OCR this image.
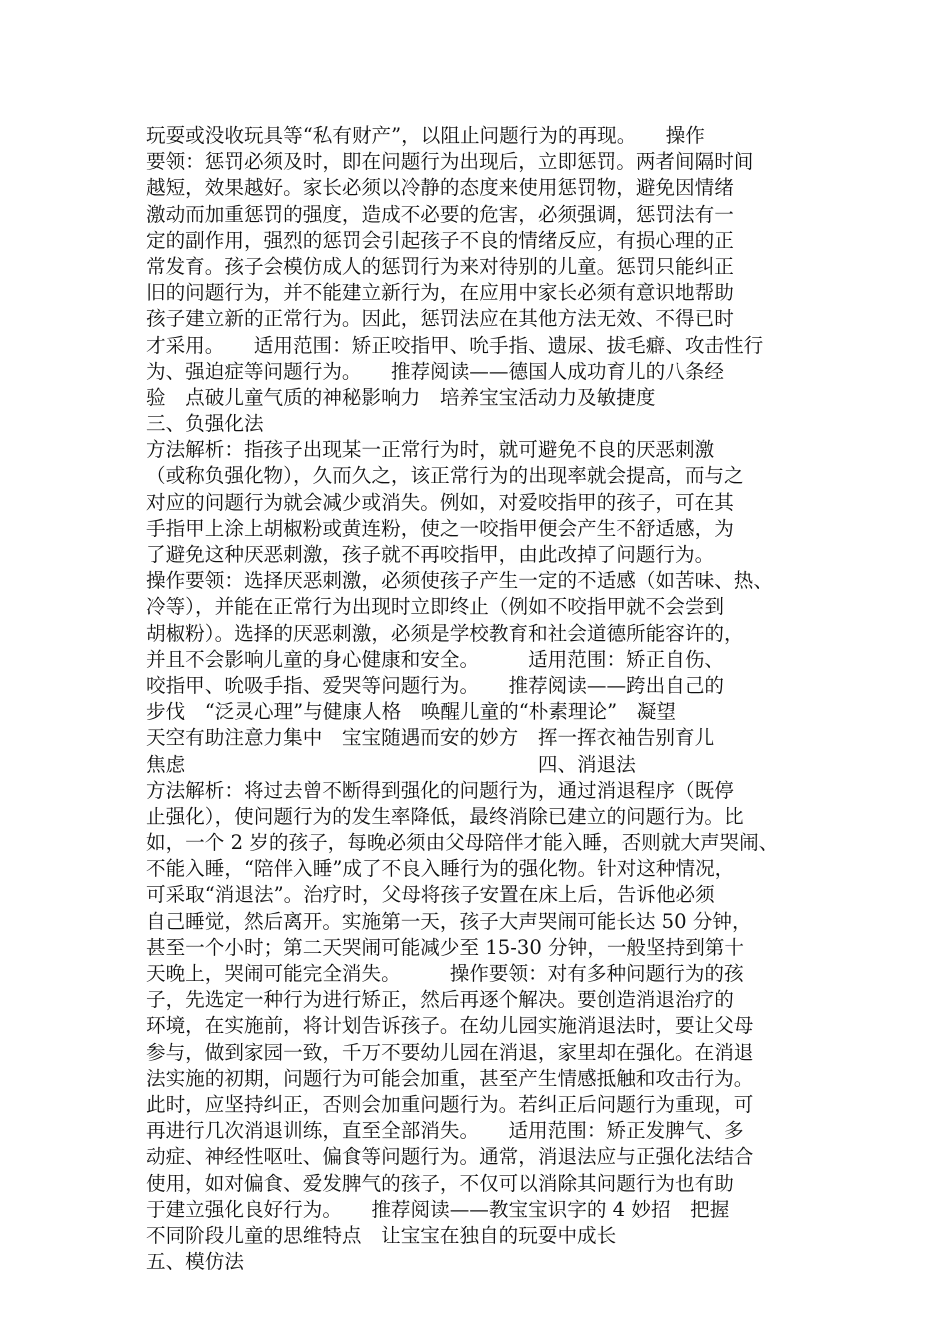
玩耍或没收玩具等“私有财产”，以阻止问题行为的再现。　　操作
要领：惩罚必须及时，即在问题行为出现后，立即惩罚。两者间隔时间
越短，效果越好。家长必须以冷静的态度来使用惩罚物，避免因情绪
激动而加重惩罚的强度，造成不必要的危害，必须强调，惩罚法有一
定的副作用，强烈的惩罚会引起孩子不良的情绪反应，有损心理的正
常发育。孩子会模仿成人的惩罚行为来对待别的儿童。惩罚只能纠正
旧的问题行为，并不能建立新行为，在应用中家长必须有意识地帮助
孩子建立新的正常行为。因此，惩罚法应在其他方法无效、不得已时
才采用。　　适用范围：矫正咬指甲、吮手指、遗尿、拔毛癖、攻击性行
为、强迫症等问题行为。　　推荐阅读——德国人成功育儿的八条经
验　点破儿童气质的神秘影响力　培养宝宝活动力及敏捷度
三、负强化法
方法解析：指孩子出现某一正常行为时，就可避免不良的厌恶刺激
（或称负强化物），久而久之，该正常行为的出现率就会提高，而与之
对应的问题行为就会减少或消失。例如，对爱咬指甲的孩子，可在其
手指甲上涂上胡椒粉或黄连粉，使之一咬指甲便会产生不舒适感，为
了避免这种厌恶刺激，孩子就不再咬指甲，由此改掉了问题行为。
操作要领：选择厌恶刺激，必须使孩子产生一定的不适感（如苦味、热、
冷等），并能在正常行为出现时立即终止（例如不咬指甲就不会尝到
胡椒粉）。选择的厌恶刺激，必须是学校教育和社会道德所能容许的，
并且不会影响儿童的身心健康和安全。　　　适用范围：矫正自伤、
咬指甲、吮吸手指、爱哭等问题行为。　　推荐阅读——跨出自己的
步伐　“泛灵心理”与健康人格　唤醒儿童的“朴素理论”　凝望
天空有助注意力集中　宝宝随遇而安的妙方　挥一挥衣袖告别育儿
焦虑　　　　　　　　　　　　　　　　　　四、消退法
方法解析：将过去曾不断得到强化的问题行为，通过消退程序（既停
止强化），使问题行为的发生率降低，最终消除已建立的问题行为。比
如，一个 2 岁的孩子，每晚必须由父母陪伴才能入睡，否则就大声哭闹、
不能入睡，“陪伴入睡”成了不良入睡行为的强化物。针对这种情况，
可采取“消退法”。治疗时，父母将孩子安置在床上后，告诉他必须
自己睡觉，然后离开。实施第一天，孩子大声哭闹可能长达 50 分钟，
甚至一个小时；第二天哭闹可能减少至 15-30 分钟，一般坚持到第十
天晚上，哭闹可能完全消失。　　　操作要领：对有多种问题行为的孩
子，先选定一种行为进行矫正，然后再逐个解决。要创造消退治疗的
环境，在实施前，将计划告诉孩子。在幼儿园实施消退法时，要让父母
参与，做到家园一致，千万不要幼儿园在消退，家里却在强化。在消退
法实施的初期，问题行为可能会加重，甚至产生情感抵触和攻击行为。
此时，应坚持纠正，否则会加重问题行为。若纠正后问题行为重现，可
再进行几次消退训练，直至全部消失。　　适用范围：矫正发脾气、多
动症、神经性呕吐、偏食等问题行为。通常，消退法应与正强化法结合
使用，如对偏食、爱发脾气的孩子，不仅可以消除其问题行为也有助
于建立强化良好行为。　　推荐阅读——教宝宝识字的 4 妙招　把握
不同阶段儿童的思维特点　让宝宝在独自的玩耍中成长
五、模仿法
